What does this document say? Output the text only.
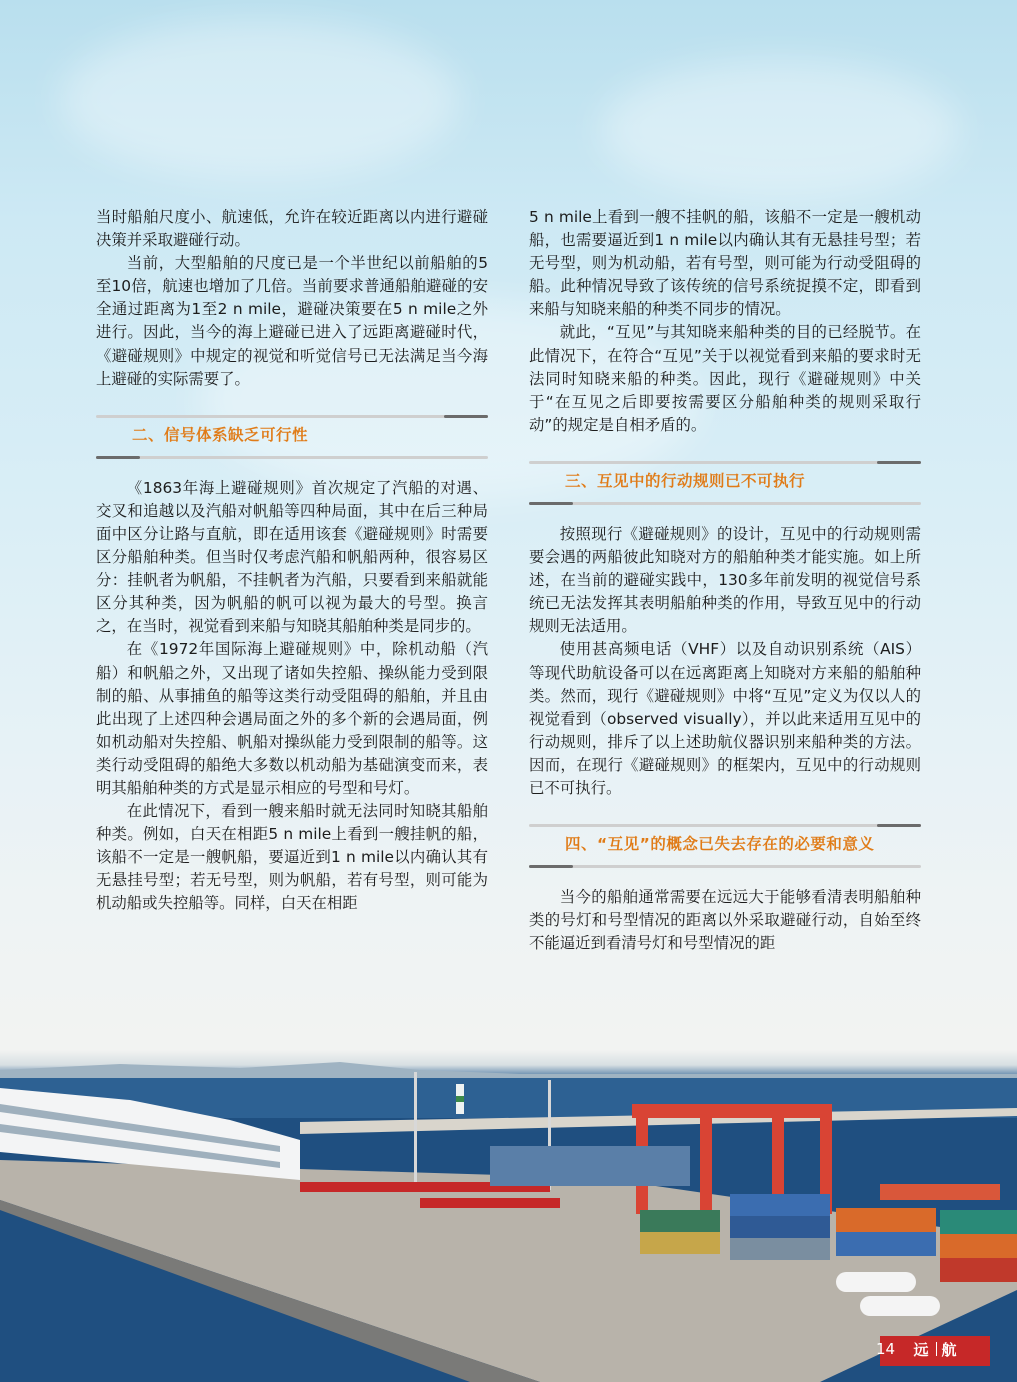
当时船舶尺度小、航速低，允许在较近距离以内进行避碰决策并采取避碰行动。

当前，大型船舶的尺度已是一个半世纪以前船舶的5至10倍，航速也增加了几倍。当前要求普通船舶避碰的安全通过距离为1至2 n mile，避碰决策要在5 n mile之外进行。因此，当今的海上避碰已进入了远距离避碰时代，《避碰规则》中规定的视觉和听觉信号已无法满足当今海上避碰的实际需要了。

二、信号体系缺乏可行性

《1863年海上避碰规则》首次规定了汽船的对遇、交叉和追越以及汽船对帆船等四种局面，其中在后三种局面中区分让路与直航，即在适用该套《避碰规则》时需要区分船舶种类。但当时仅考虑汽船和帆船两种，很容易区分：挂帆者为帆船，不挂帆者为汽船，只要看到来船就能区分其种类，因为帆船的帆可以视为最大的号型。换言之，在当时，视觉看到来船与知晓其船舶种类是同步的。

在《1972年国际海上避碰规则》中，除机动船（汽船）和帆船之外，又出现了诸如失控船、操纵能力受到限制的船、从事捕鱼的船等这类行动受阻碍的船舶，并且由此出现了上述四种会遇局面之外的多个新的会遇局面，例如机动船对失控船、帆船对操纵能力受到限制的船等。这类行动受阻碍的船绝大多数以机动船为基础演变而来，表明其船舶种类的方式是显示相应的号型和号灯。

在此情况下，看到一艘来船时就无法同时知晓其船舶种类。例如，白天在相距5 n mile上看到一艘挂帆的船，该船不一定是一艘帆船，要逼近到1 n mile以内确认其有无悬挂号型；若无号型，则为帆船，若有号型，则可能为机动船或失控船等。同样，白天在相距

5 n mile上看到一艘不挂帆的船，该船不一定是一艘机动船，也需要逼近到1 n mile以内确认其有无悬挂号型；若无号型，则为机动船，若有号型，则可能为行动受阻碍的船。此种情况导致了该传统的信号系统捉摸不定，即看到来船与知晓来船的种类不同步的情况。

就此，“互见”与其知晓来船种类的目的已经脱节。在此情况下，在符合“互见”关于以视觉看到来船的要求时无法同时知晓来船的种类。因此，现行《避碰规则》中关于“在互见之后即要按需要区分船舶种类的规则采取行动”的规定是自相矛盾的。

三、互见中的行动规则已不可执行

按照现行《避碰规则》的设计，互见中的行动规则需要会遇的两船彼此知晓对方的船舶种类才能实施。如上所述，在当前的避碰实践中，130多年前发明的视觉信号系统已无法发挥其表明船舶种类的作用，导致互见中的行动规则无法适用。

使用甚高频电话（VHF）以及自动识别系统（AIS）等现代助航设备可以在远离距离上知晓对方来船的船舶种类。然而，现行《避碰规则》中将“互见”定义为仅以人的视觉看到（observed visually），并以此来适用互见中的行动规则，排斥了以上述助航仪器识别来船种类的方法。因而，在现行《避碰规则》的框架内，互见中的行动规则已不可执行。

四、“互见”的概念已失去存在的必要和意义

当今的船舶通常需要在远远大于能够看清表明船舶种类的号灯和号型情况的距离以外采取避碰行动，自始至终不能逼近到看清号灯和号型情况的距

14 远 航
